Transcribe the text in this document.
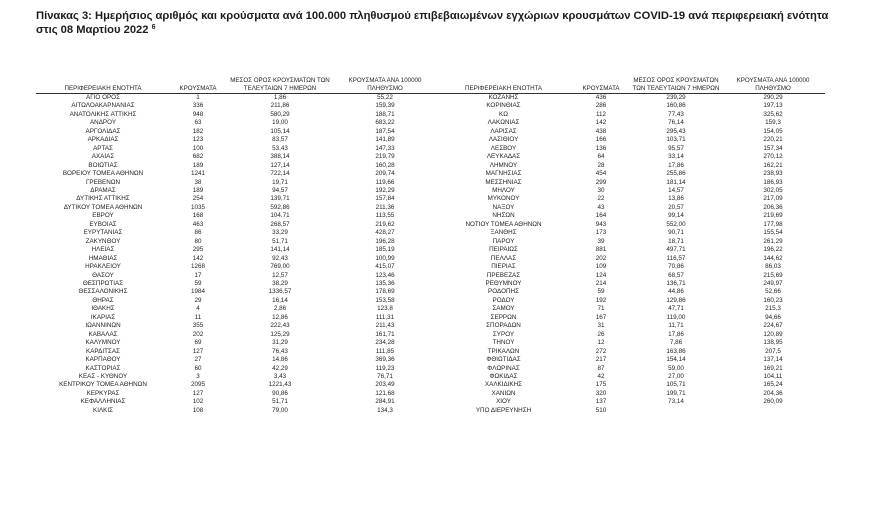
Πίνακας 3: Ημερήσιος αριθμός και κρούσματα ανά 100.000 πληθυσμού επιβεβαιωμένων εγχώριων κρουσμάτων COVID-19 ανά περιφερειακή ενότητα στις 08 Μαρτίου 2022 $^6$
ΠΕΡΙΦΕΡΕΙΑΚΗ ΕΝΟΤΗΤΑ	ΚΡΟΥΣΜΑΤΑ	ΜΕΣΟΣ ΟΡΟΣ ΚΡΟΥΣΜΑΤΩΝ ΤΩΝ ΤΕΛΕΥΤΑΙΩΝ 7 ΗΜΕΡΩΝ	ΚΡΟΥΣΜΑΤΑ ΑΝΑ 100000 ΠΛΗΘΥΣΜΟ
ΑΓΙΟ ΟΡΟΣ	1	1,86	55,22
ΑΙΤΩΛΟΑΚΑΡΝΑΝΙΑΣ	336	211,86	159,39
ΑΝΑΤΟΛΙΚΗΣ ΑΤΤΙΚΗΣ	948	580,29	188,71
ΑΝΔΡΟΥ	63	19,00	683,22
ΑΡΓΟΛΙΔΑΣ	182	105,14	187,54
ΑΡΚΑΔΙΑΣ	123	83,57	141,89
ΑΡΤΑΣ	100	53,43	147,33
ΑΧΑΪΑΣ	682	388,14	219,79
ΒΟΙΩΤΙΑΣ	189	127,14	160,28
ΒΟΡΕΙΟΥ ΤΟΜΕΑ ΑΘΗΝΩΝ	1241	722,14	209,74
ΓΡΕΒΕΝΩΝ	38	19,71	119,66
ΔΡΑΜΑΣ	189	94,57	192,29
ΔΥΤΙΚΗΣ ΑΤΤΙΚΗΣ	254	139,71	157,84
ΔΥΤΙΚΟΥ ΤΟΜΕΑ ΑΘΗΝΩΝ	1035	592,86	211,36
ΕΒΡΟΥ	168	104,71	113,55
ΕΥΒΟΙΑΣ	463	268,57	219,62
ΕΥΡΥΤΑΝΙΑΣ	86	33,29	428,27
ΖΑΚΥΝΘΟΥ	80	51,71	196,28
ΗΛΕΙΑΣ	295	141,14	185,19
ΗΜΑΘΙΑΣ	142	92,43	100,99
ΗΡΑΚΛΕΙΟΥ	1268	769,00	415,07
ΘΑΣΟΥ	17	12,57	123,46
ΘΕΣΠΡΩΤΙΑΣ	59	38,29	135,36
ΘΕΣΣΑΛΟΝΙΚΗΣ	1984	1336,57	178,69
ΘΗΡΑΣ	29	16,14	153,58
ΙΘΑΚΗΣ	4	2,86	123,8
ΙΚΑΡΙΑΣ	11	12,86	111,31
ΙΩΑΝΝΙΝΩΝ	355	222,43	211,43
ΚΑΒΑΛΑΣ	202	125,29	161,71
ΚΑΛΥΜΝΟΥ	69	31,29	234,28
ΚΑΡΔΙΤΣΑΣ	127	76,43	111,85
ΚΑΡΠΑΘΟΥ	27	14,86	369,36
ΚΑΣΤΟΡΙΑΣ	60	42,29	119,23
ΚΕΑΣ - ΚΥΘΝΟΥ	3	3,43	76,71
ΚΕΝΤΡΙΚΟΥ ΤΟΜΕΑ ΑΘΗΝΩΝ	2095	1221,43	203,49
ΚΕΡΚΥΡΑΣ	127	90,86	121,68
ΚΕΦΑΛΛΗΝΙΑΣ	102	51,71	284,91
ΚΙΛΚΙΣ	108	79,00	134,3
ΠΕΡΙΦΕΡΕΙΑΚΗ ΕΝΟΤΗΤΑ	ΚΡΟΥΣΜΑΤΑ	ΜΕΣΟΣ ΟΡΟΣ ΚΡΟΥΣΜΑΤΩΝ ΤΩΝ ΤΕΛΕΥΤΑΙΩΝ 7 ΗΜΕΡΩΝ	ΚΡΟΥΣΜΑΤΑ ΑΝΑ 100000 ΠΛΗΘΥΣΜΟ
ΚΟΖΑΝΗΣ	436	239,29	290,29
ΚΟΡΙΝΘΙΑΣ	286	160,86	197,13
ΚΩ	112	77,43	325,62
ΛΑΚΩΝΙΑΣ	142	76,14	159,3
ΛΑΡΙΣΑΣ	438	295,43	154,05
ΛΑΣΙΘΙΟΥ	166	103,71	220,21
ΛΕΣΒΟΥ	136	95,57	157,34
ΛΕΥΚΑΔΑΣ	64	33,14	270,12
ΛΗΜΝΟΥ	28	17,86	162,21
ΜΑΓΝΗΣΙΑΣ	454	255,86	238,93
ΜΕΣΣΗΝΙΑΣ	299	181,14	186,93
ΜΗΛΟΥ	30	14,57	302,05
ΜΥΚΟΝΟΥ	22	13,86	217,09
ΝΑΞΟΥ	43	20,57	206,36
ΝΗΣΩΝ	164	99,14	219,69
ΝΟΤΙΟΥ ΤΟΜΕΑ ΑΘΗΝΩΝ	943	552,00	177,98
ΞΑΝΘΗΣ	173	90,71	155,54
ΠΑΡΟΥ	39	18,71	261,29
ΠΕΙΡΑΙΩΣ	881	497,71	196,22
ΠΕΛΛΑΣ	202	116,57	144,62
ΠΙΕΡΙΑΣ	109	70,86	86,03
ΠΡΕΒΕΖΑΣ	124	68,57	215,69
ΡΕΘΥΜΝΟΥ	214	136,71	249,97
ΡΟΔΟΠΗΣ	59	44,86	52,66
ΡΟΔΟΥ	192	129,86	160,23
ΣΑΜΟΥ	71	47,71	215,3
ΣΕΡΡΩΝ	167	119,00	94,66
ΣΠΟΡΑΔΩΝ	31	11,71	224,67
ΣΥΡΟΥ	26	17,86	120,89
ΤΗΝΟΥ	12	7,86	138,95
ΤΡΙΚΑΛΩΝ	272	163,86	207,5
ΦΘΙΩΤΙΔΑΣ	217	154,14	137,14
ΦΛΩΡΙΝΑΣ	87	59,00	169,21
ΦΩΚΙΔΑΣ	42	27,00	104,11
ΧΑΛΚΙΔΙΚΗΣ	175	105,71	165,24
ΧΑΝΙΩΝ	320	199,71	204,36
ΧΙΟΥ	137	73,14	260,09
ΥΠΟ ΔΙΕΡΕΥΝΗΣΗ	510		
